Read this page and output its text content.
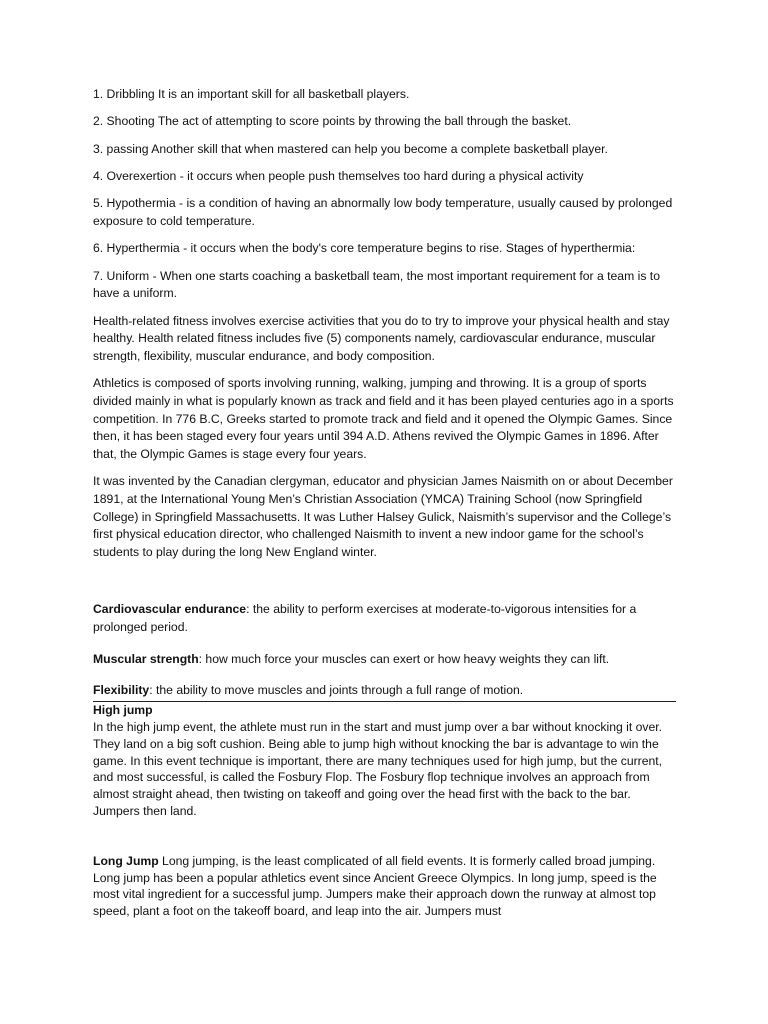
1. Dribbling It is an important skill for all basketball players.

2. Shooting The act of attempting to score points by throwing the ball through the basket.

3. passing Another skill that when mastered can help you become a complete basketball player.

4. Overexertion - it occurs when people push themselves too hard during a physical activity

5. Hypothermia - is a condition of having an abnormally low body temperature, usually caused by prolonged exposure to cold temperature.

6. Hyperthermia - it occurs when the body's core temperature begins to rise. Stages of hyperthermia:

7. Uniform - When one starts coaching a basketball team, the most important requirement for a team is to have a uniform.

Health-related fitness involves exercise activities that you do to try to improve your physical health and stay healthy. Health related fitness includes five (5) components namely, cardiovascular endurance, muscular strength, flexibility, muscular endurance, and body composition.

Athletics is composed of sports involving running, walking, jumping and throwing. It is a group of sports divided mainly in what is popularly known as track and field and it has been played centuries ago in a sports competition. In 776 B.C, Greeks started to promote track and field and it opened the Olympic Games. Since then, it has been staged every four years until 394 A.D. Athens revived the Olympic Games in 1896. After that, the Olympic Games is stage every four years.

It was invented by the Canadian clergyman, educator and physician James Naismith on or about December 1891, at the International Young Men’s Christian Association (YMCA) Training School (now Springfield College) in Springfield Massachusetts. It was Luther Halsey Gulick, Naismith’s supervisor and the College’s first physical education director, who challenged Naismith to invent a new indoor game for the school’s students to play during the long New England winter.

Cardiovascular endurance: the ability to perform exercises at moderate-to-vigorous intensities for a prolonged period.

Muscular strength: how much force your muscles can exert or how heavy weights they can lift.

Flexibility: the ability to move muscles and joints through a full range of motion.

High jump

In the high jump event, the athlete must run in the start and must jump over a bar without knocking it over. They land on a big soft cushion. Being able to jump high without knocking the bar is advantage to win the game. In this event technique is important, there are many techniques used for high jump, but the current, and most successful, is called the Fosbury Flop. The Fosbury flop technique involves an approach from almost straight ahead, then twisting on takeoff and going over the head first with the back to the bar. Jumpers then land.

Long Jump Long jumping, is the least complicated of all field events. It is formerly called broad jumping. Long jump has been a popular athletics event since Ancient Greece Olympics. In long jump, speed is the most vital ingredient for a successful jump. Jumpers make their approach down the runway at almost top speed, plant a foot on the takeoff board, and leap into the air. Jumpers must
